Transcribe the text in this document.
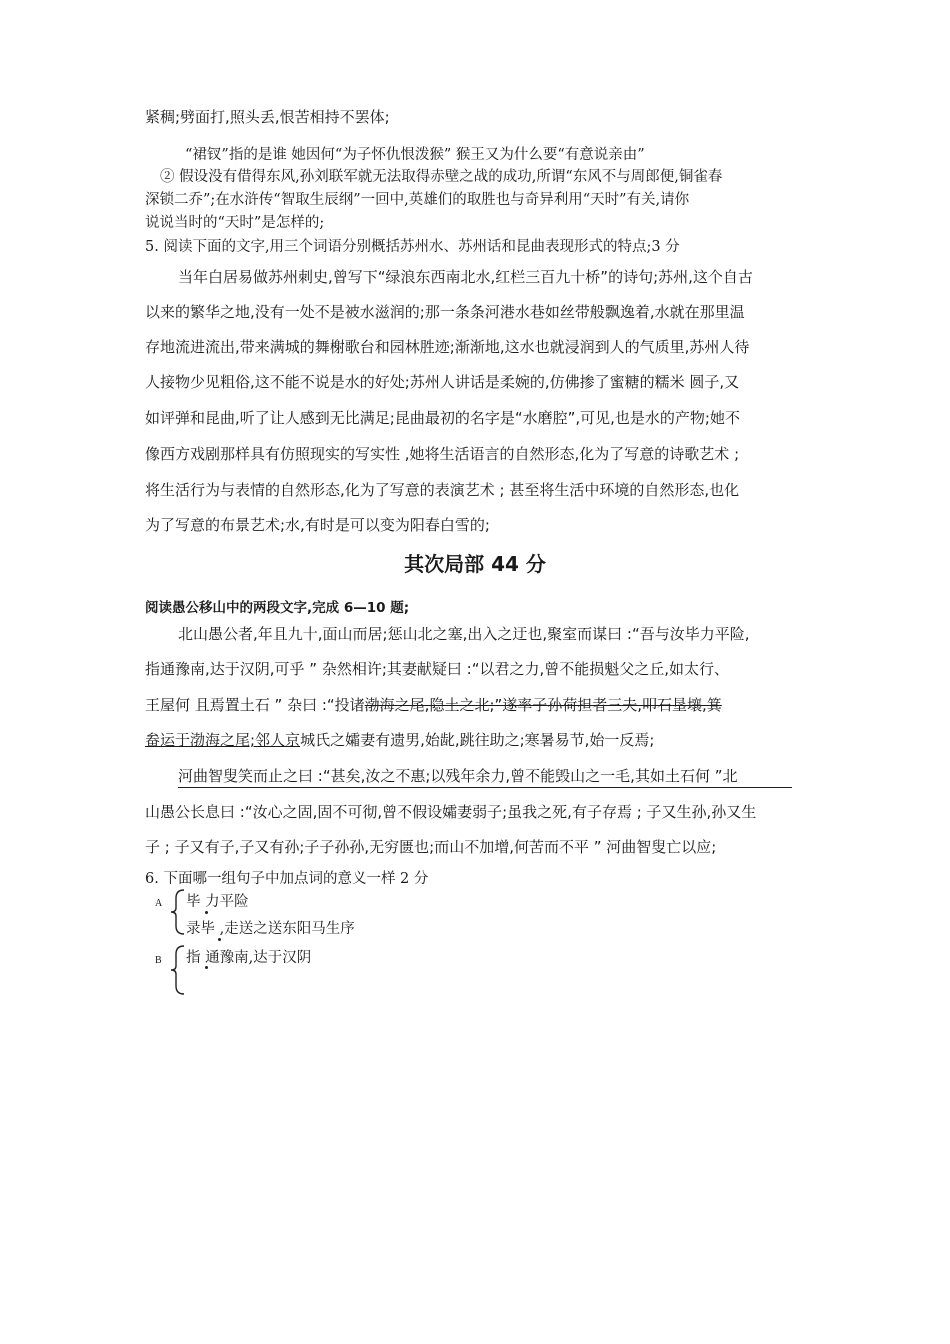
紧稠;劈面打,照头丢,恨苦相持不罢体;
“裙钗”指的是谁 她因何“为子怀仇恨泼猴” 猴王又为什么要“有意说亲由”
② 假设没有借得东风,孙刘联军就无法取得赤壁之战的成功,所谓“东风不与周郎便,铜雀春
深锁二乔”;在水浒传“智取生辰纲”一回中,英雄们的取胜也与奇异利用“天时”有关,请你
说说当时的“天时”是怎样的;
5. 阅读下面的文字,用三个词语分别概括苏州水、苏州话和昆曲表现形式的特点;3 分
当年白居易做苏州刺史,曾写下“绿浪东西南北水,红栏三百九十桥”的诗句;苏州,这个自古
以来的繁华之地,没有一处不是被水滋润的;那一条条河港水巷如丝带般飘逸着,水就在那里温
存地流进流出,带来满城的舞榭歌台和园林胜迹;渐渐地,这水也就浸润到人的气质里,苏州人待
人接物少见粗俗,这不能不说是水的好处;苏州人讲话是柔婉的,仿佛掺了蜜糖的糯米 圆子,又
如评弹和昆曲,听了让人感到无比满足;昆曲最初的名字是“水磨腔”,可见,也是水的产物;她不
像西方戏剧那样具有仿照现实的写实性 ,她将生活语言的自然形态,化为了写意的诗歌艺术 ;
将生活行为与表情的自然形态,化为了写意的表演艺术 ; 甚至将生活中环境的自然形态,也化
为了写意的布景艺术;水,有时是可以变为阳春白雪的;
其次局部 44 分
阅读愚公移山中的两段文字,完成 6—10 题;
北山愚公者,年且九十,面山而居;惩山北之塞,出入之迂也,聚室而谋曰 :“吾与汝毕力平险,
指通豫南,达于汉阴,可乎 ” 杂然相许;其妻献疑曰 :“以君之力,曾不能损魁父之丘,如太行、
王屋何 且焉置土石 ” 杂曰 :“投诸渤海之尾,隐土之北;”遂率子孙荷担者三夫,叩石垦壤,箕
畚运于渤海之尾;邻人京城氏之孀妻有遗男,始龀,跳往助之;寒暑易节,始一反焉;
河曲智叟笑而止之曰 :“甚矣,汝之不惠;以残年余力,曾不能毁山之一毛,其如土石何 ”北
山愚公长息曰 :“汝心之固,固不可彻,曾不假设孀妻弱子;虽我之死,有子存焉 ; 子又生孙,孙又生
子 ; 子又有子,子又有孙;子子孙孙,无穷匮也;而山不加增,何苦而不平 ” 河曲智叟亡以应;
6. 下面哪一组句子中加点词的意义一样 2 分
A 毕 力平险
录毕 ,走送之送东阳马生序
B 指 通豫南,达于汉阴
